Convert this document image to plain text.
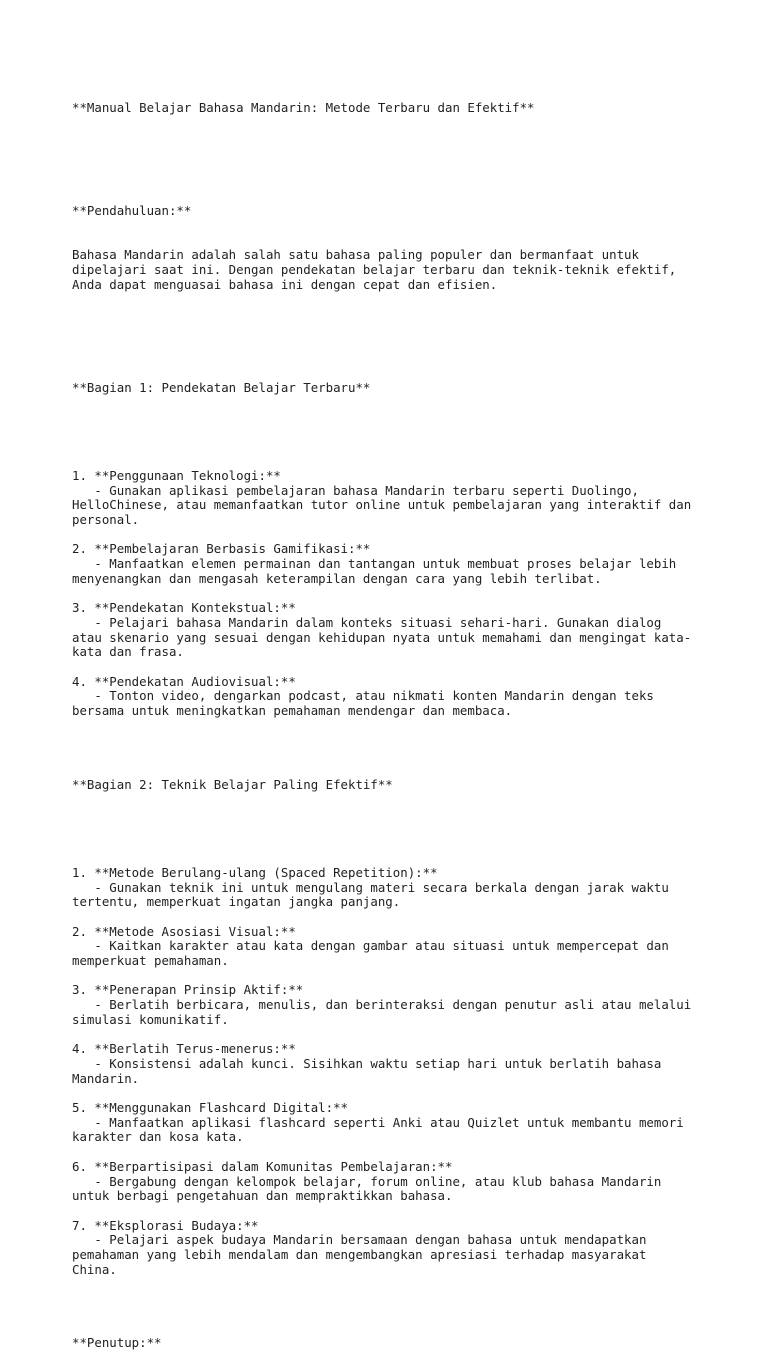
**Manual Belajar Bahasa Mandarin: Metode Terbaru dan Efektif**

**Pendahuluan:**

Bahasa Mandarin adalah salah satu bahasa paling populer dan bermanfaat untuk
dipelajari saat ini. Dengan pendekatan belajar terbaru dan teknik-teknik efektif,
Anda dapat menguasai bahasa ini dengan cepat dan efisien.

**Bagian 1: Pendekatan Belajar Terbaru**

1. **Penggunaan Teknologi:**
- Gunakan aplikasi pembelajaran bahasa Mandarin terbaru seperti Duolingo,
HelloChinese, atau memanfaatkan tutor online untuk pembelajaran yang interaktif dan
personal.
2. **Pembelajaran Berbasis Gamifikasi:**
- Manfaatkan elemen permainan dan tantangan untuk membuat proses belajar lebih
menyenangkan dan mengasah keterampilan dengan cara yang lebih terlibat.
3. **Pendekatan Kontekstual:**
- Pelajari bahasa Mandarin dalam konteks situasi sehari-hari. Gunakan dialog
atau skenario yang sesuai dengan kehidupan nyata untuk memahami dan mengingat kata-
kata dan frasa.
4. **Pendekatan Audiovisual:**
- Tonton video, dengarkan podcast, atau nikmati konten Mandarin dengan teks
bersama untuk meningkatkan pemahaman mendengar dan membaca.

**Bagian 2: Teknik Belajar Paling Efektif**

1. **Metode Berulang-ulang (Spaced Repetition):**
- Gunakan teknik ini untuk mengulang materi secara berkala dengan jarak waktu
tertentu, memperkuat ingatan jangka panjang.
2. **Metode Asosiasi Visual:**
- Kaitkan karakter atau kata dengan gambar atau situasi untuk mempercepat dan
memperkuat pemahaman.
3. **Penerapan Prinsip Aktif:**
- Berlatih berbicara, menulis, dan berinteraksi dengan penutur asli atau melalui
simulasi komunikatif.
4. **Berlatih Terus-menerus:**
- Konsistensi adalah kunci. Sisihkan waktu setiap hari untuk berlatih bahasa
Mandarin.
5. **Menggunakan Flashcard Digital:**
- Manfaatkan aplikasi flashcard seperti Anki atau Quizlet untuk membantu memori
karakter dan kosa kata.
6. **Berpartisipasi dalam Komunitas Pembelajaran:**
- Bergabung dengan kelompok belajar, forum online, atau klub bahasa Mandarin
untuk berbagi pengetahuan dan mempraktikkan bahasa.
7. **Eksplorasi Budaya:**
- Pelajari aspek budaya Mandarin bersamaan dengan bahasa untuk mendapatkan
pemahaman yang lebih mendalam dan mengembangkan apresiasi terhadap masyarakat
China.

**Penutup:**
